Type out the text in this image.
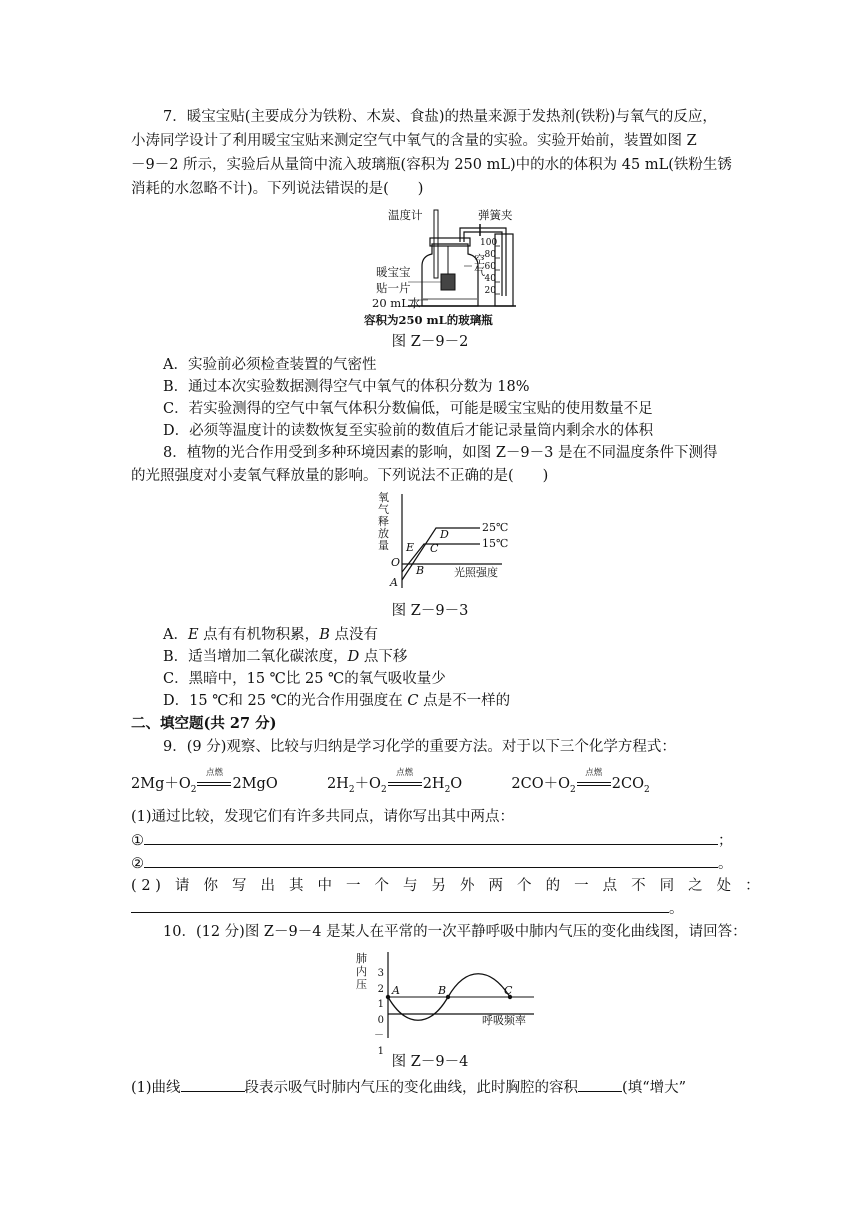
7．暖宝宝贴(主要成分为铁粉、木炭、食盐)的热量来源于发热剂(铁粉)与氧气的反应，
小涛同学设计了利用暖宝宝贴来测定空气中氧气的含量的实验。实验开始前，装置如图 Z
－9－2 所示，实验后从量筒中流入玻璃瓶(容积为 250 mL)中的水的体积为 45 mL(铁粉生锈
消耗的水忽略不计)。下列说法错误的是(　　)
温度计	弹簧夹
暖宝宝
贴一片
20 mL水
空气
容积为250 mL的玻璃瓶
100
80
60
40
20
图 Z－9－2
A．实验前必须检查装置的气密性
B．通过本次实验数据测得空气中氧气的体积分数为 18%
C．若实验测得的空气中氧气体积分数偏低，可能是暖宝宝贴的使用数量不足
D．必须等温度计的读数恢复至实验前的数值后才能记录量筒内剩余水的体积
8．植物的光合作用受到多种环境因素的影响，如图 Z－9－3 是在不同温度条件下测得
的光照强度对小麦氧气释放量的影响。下列说法不正确的是(　　)
氧
气
释
放
量
25℃
15℃
D
E C
O
B
A
光照强度
图 Z－9－3
A．E 点有有机物积累，B 点没有
B．适当增加二氧化碳浓度，D 点下移
C．黑暗中，15 ℃比 25 ℃的氧气吸收量少
D．15 ℃和 25 ℃的光合作用强度在 C 点是不一样的
二、填空题(共 27 分)
9．(9 分)观察、比较与归纳是学习化学的重要方法。对于以下三个化学方程式：
$2Mg+O_2$
点燃
2MgO	$2H_2+O_2$
点燃
$2H_2O$	$2CO+O_2$
点燃
$2CO_2$
(1)通过比较，发现它们有许多共同点，请你写出其中两点：
①	；
②	。
(2) 请 你 写 出 其 中 一 个 与 另 外 两 个 的 一 点 不 同 之 处 ：
。
10．(12 分)图 Z－9－4 是某人在平常的一次平静呼吸中肺内气压的变化曲线图，请回答：
肺
内
压
3
2
1
0
－1
A	B	C
呼吸频率
图 Z－9－4
(1)曲线	段表示吸气时肺内气压的变化曲线，此时胸腔的容积	(填“增大”
